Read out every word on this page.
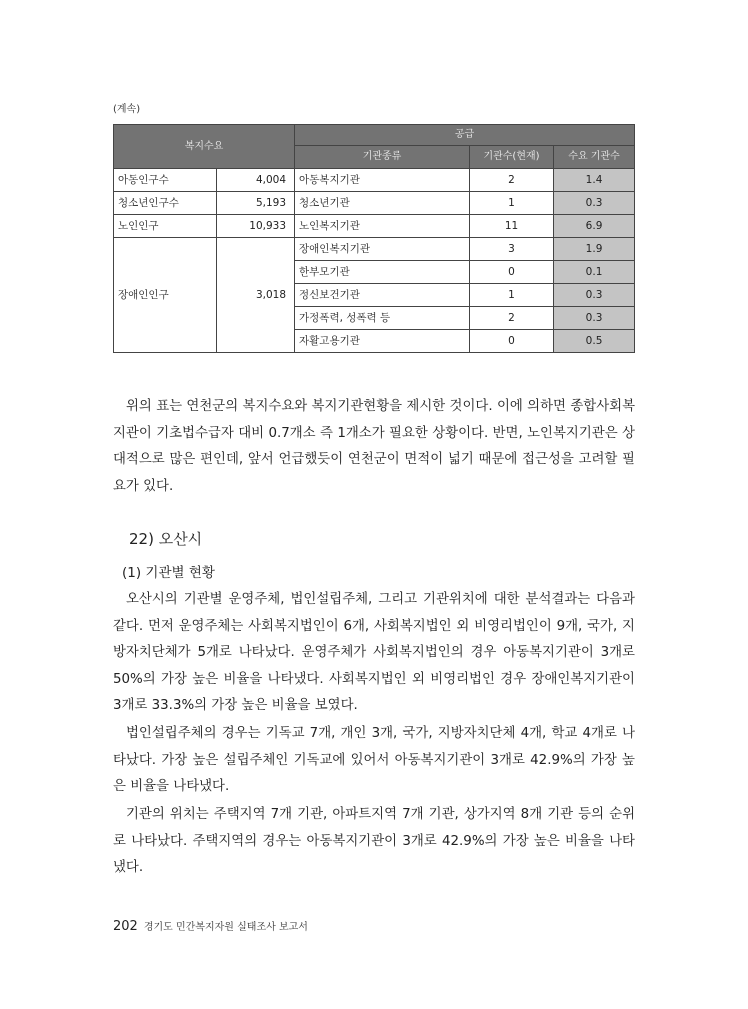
(계속)
복지수요		공급		
		기관종류	기관수(현재)	수요 기관수
아동인구수	4,004	아동복지기관	2	1.4
청소년인구수	5,193	청소년기관	1	0.3
노인인구	10,933	노인복지기관	11	6.9
장애인인구	3,018	장애인복지기관	3	1.9
		한부모기관	0	0.1
		정신보건기관	1	0.3
		가정폭력, 성폭력 등	2	0.3
		자활고용기관	0	0.5

위의 표는 연천군의 복지수요와 복지기관현황을 제시한 것이다. 이에 의하면 종합사회복지관이 기초법수급자 대비 0.7개소 즉 1개소가 필요한 상황이다. 반면, 노인복지기관은 상대적으로 많은 편인데, 앞서 언급했듯이 연천군이 면적이 넓기 때문에 접근성을 고려할 필요가 있다.

22) 오산시
(1) 기관별 현황

오산시의 기관별 운영주체, 법인설립주체, 그리고 기관위치에 대한 분석결과는 다음과 같다. 먼저 운영주체는 사회복지법인이 6개, 사회복지법인 외 비영리법인이 9개, 국가, 지방자치단체가 5개로 나타났다. 운영주체가 사회복지법인의 경우 아동복지기관이 3개로 50%의 가장 높은 비율을 나타냈다. 사회복지법인 외 비영리법인 경우 장애인복지기관이 3개로 33.3%의 가장 높은 비율을 보였다.

법인설립주체의 경우는 기독교 7개, 개인 3개, 국가, 지방자치단체 4개, 학교 4개로 나타났다. 가장 높은 설립주체인 기독교에 있어서 아동복지기관이 3개로 42.9%의 가장 높은 비율을 나타냈다.

기관의 위치는 주택지역 7개 기관, 아파트지역 7개 기관, 상가지역 8개 기관 등의 순위로 나타났다. 주택지역의 경우는 아동복지기관이 3개로 42.9%의 가장 높은 비율을 나타냈다.

202 경기도 민간복지자원 실태조사 보고서
